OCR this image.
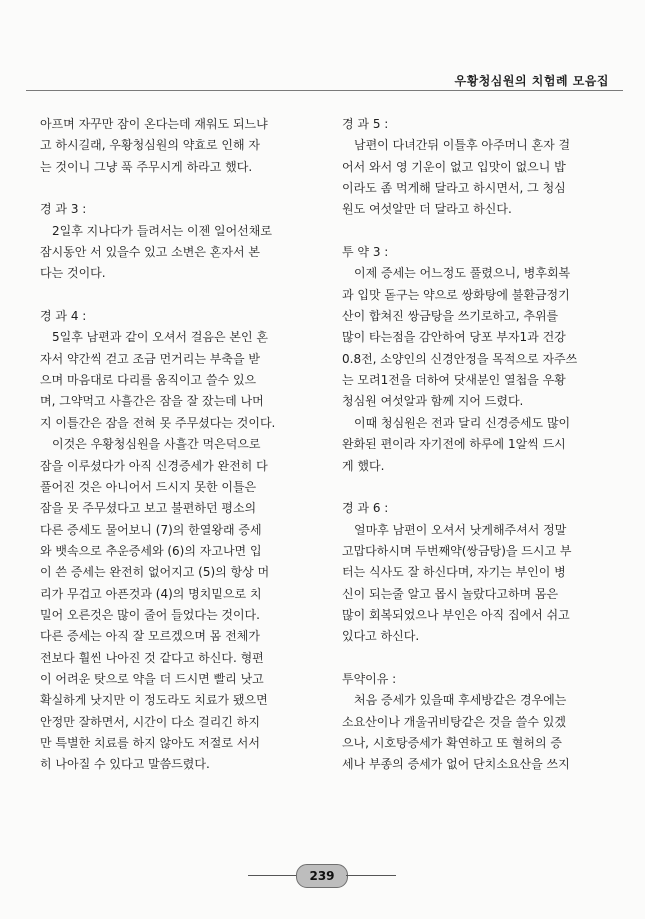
우황청심원의 치험례 모음집

아프며 자꾸만 잠이 온다는데 재워도 되느냐

고 하시길래, 우황청심원의 약효로 인해 자

는 것이니 그냥 푹 주무시게 하라고 했다.

경 과 3 :

2일후 지나다가 들려서는 이젠 일어선채로

잠시동안 서 있을수 있고 소변은 혼자서 본

다는 것이다.

경 과 4 :

5일후 남편과 같이 오셔서 걸음은 본인 혼

자서 약간씩 걷고 조금 먼거리는 부축을 받

으며 마음대로 다리를 움직이고 쓸수 있으

며, 그약먹고 사흘간은 잠을 잘 잤는데 나머

지 이틀간은 잠을 전혀 못 주무셨다는 것이다.

이것은 우황청심원을 사흘간 먹은덕으로

잠을 이루셨다가 아직 신경증세가 완전히 다

풀어진 것은 아니어서 드시지 못한 이틀은

잠을 못 주무셨다고 보고 불편하던 평소의

다른 증세도 물어보니 (7)의 한열왕래 증세

와 뱃속으로 추운증세와 (6)의 자고나면 입

이 쓴 증세는 완전히 없어지고 (5)의 항상 머

리가 무겁고 아픈것과 (4)의 명치밑으로 치

밀어 오른것은 많이 줄어 들었다는 것이다.

다른 증세는 아직 잘 모르겠으며 몸 전체가

전보다 훨씬 나아진 것 같다고 하신다. 형편

이 어려운 탓으로 약을 더 드시면 빨리 낫고

확실하게 낫지만 이 정도라도 치료가 됐으면

안정만 잘하면서, 시간이 다소 걸리긴 하지

만 특별한 치료를 하지 않아도 저절로 서서

히 나아질 수 있다고 말씀드렸다.

경 과 5 :

남편이 다녀간뒤 이틀후 아주머니 혼자 걸

어서 와서 영 기운이 없고 입맛이 없으니 밥

이라도 좀 먹게해 달라고 하시면서, 그 청심

원도 여섯알만 더 달라고 하신다.

투 약 3 :

이제 증세는 어느정도 풀렸으니, 병후회복

과 입맛 돋구는 약으로 쌍화탕에 불환금정기

산이 합쳐진 쌍금탕을 쓰기로하고, 추위를

많이 타는점을 감안하여 당포 부자1과 건강

0.8전, 소양인의 신경안정을 목적으로 자주쓰

는 모려1전을 더하여 닷새분인 열첩을 우황

청심원 여섯알과 함께 지어 드렸다.

이때 청심원은 전과 달리 신경증세도 많이

완화된 편이라 자기전에 하루에 1알씩 드시

게 했다.

경 과 6 :

얼마후 남편이 오셔서 낫게해주셔서 정말

고맙다하시며 두번째약(쌍금탕)을 드시고 부

터는 식사도 잘 하신다며, 자기는 부인이 병

신이 되는줄 알고 몹시 놀랐다고하며 몸은

많이 회복되었으나 부인은 아직 집에서 쉬고

있다고 하신다.

투약이유 :

처음 증세가 있을때 후세방같은 경우에는

소요산이나 개울귀비탕같은 것을 쓸수 있겠

으나, 시호탕증세가 확연하고 또 혈허의 증

세나 부종의 증세가 없어 단치소요산을 쓰지

239
